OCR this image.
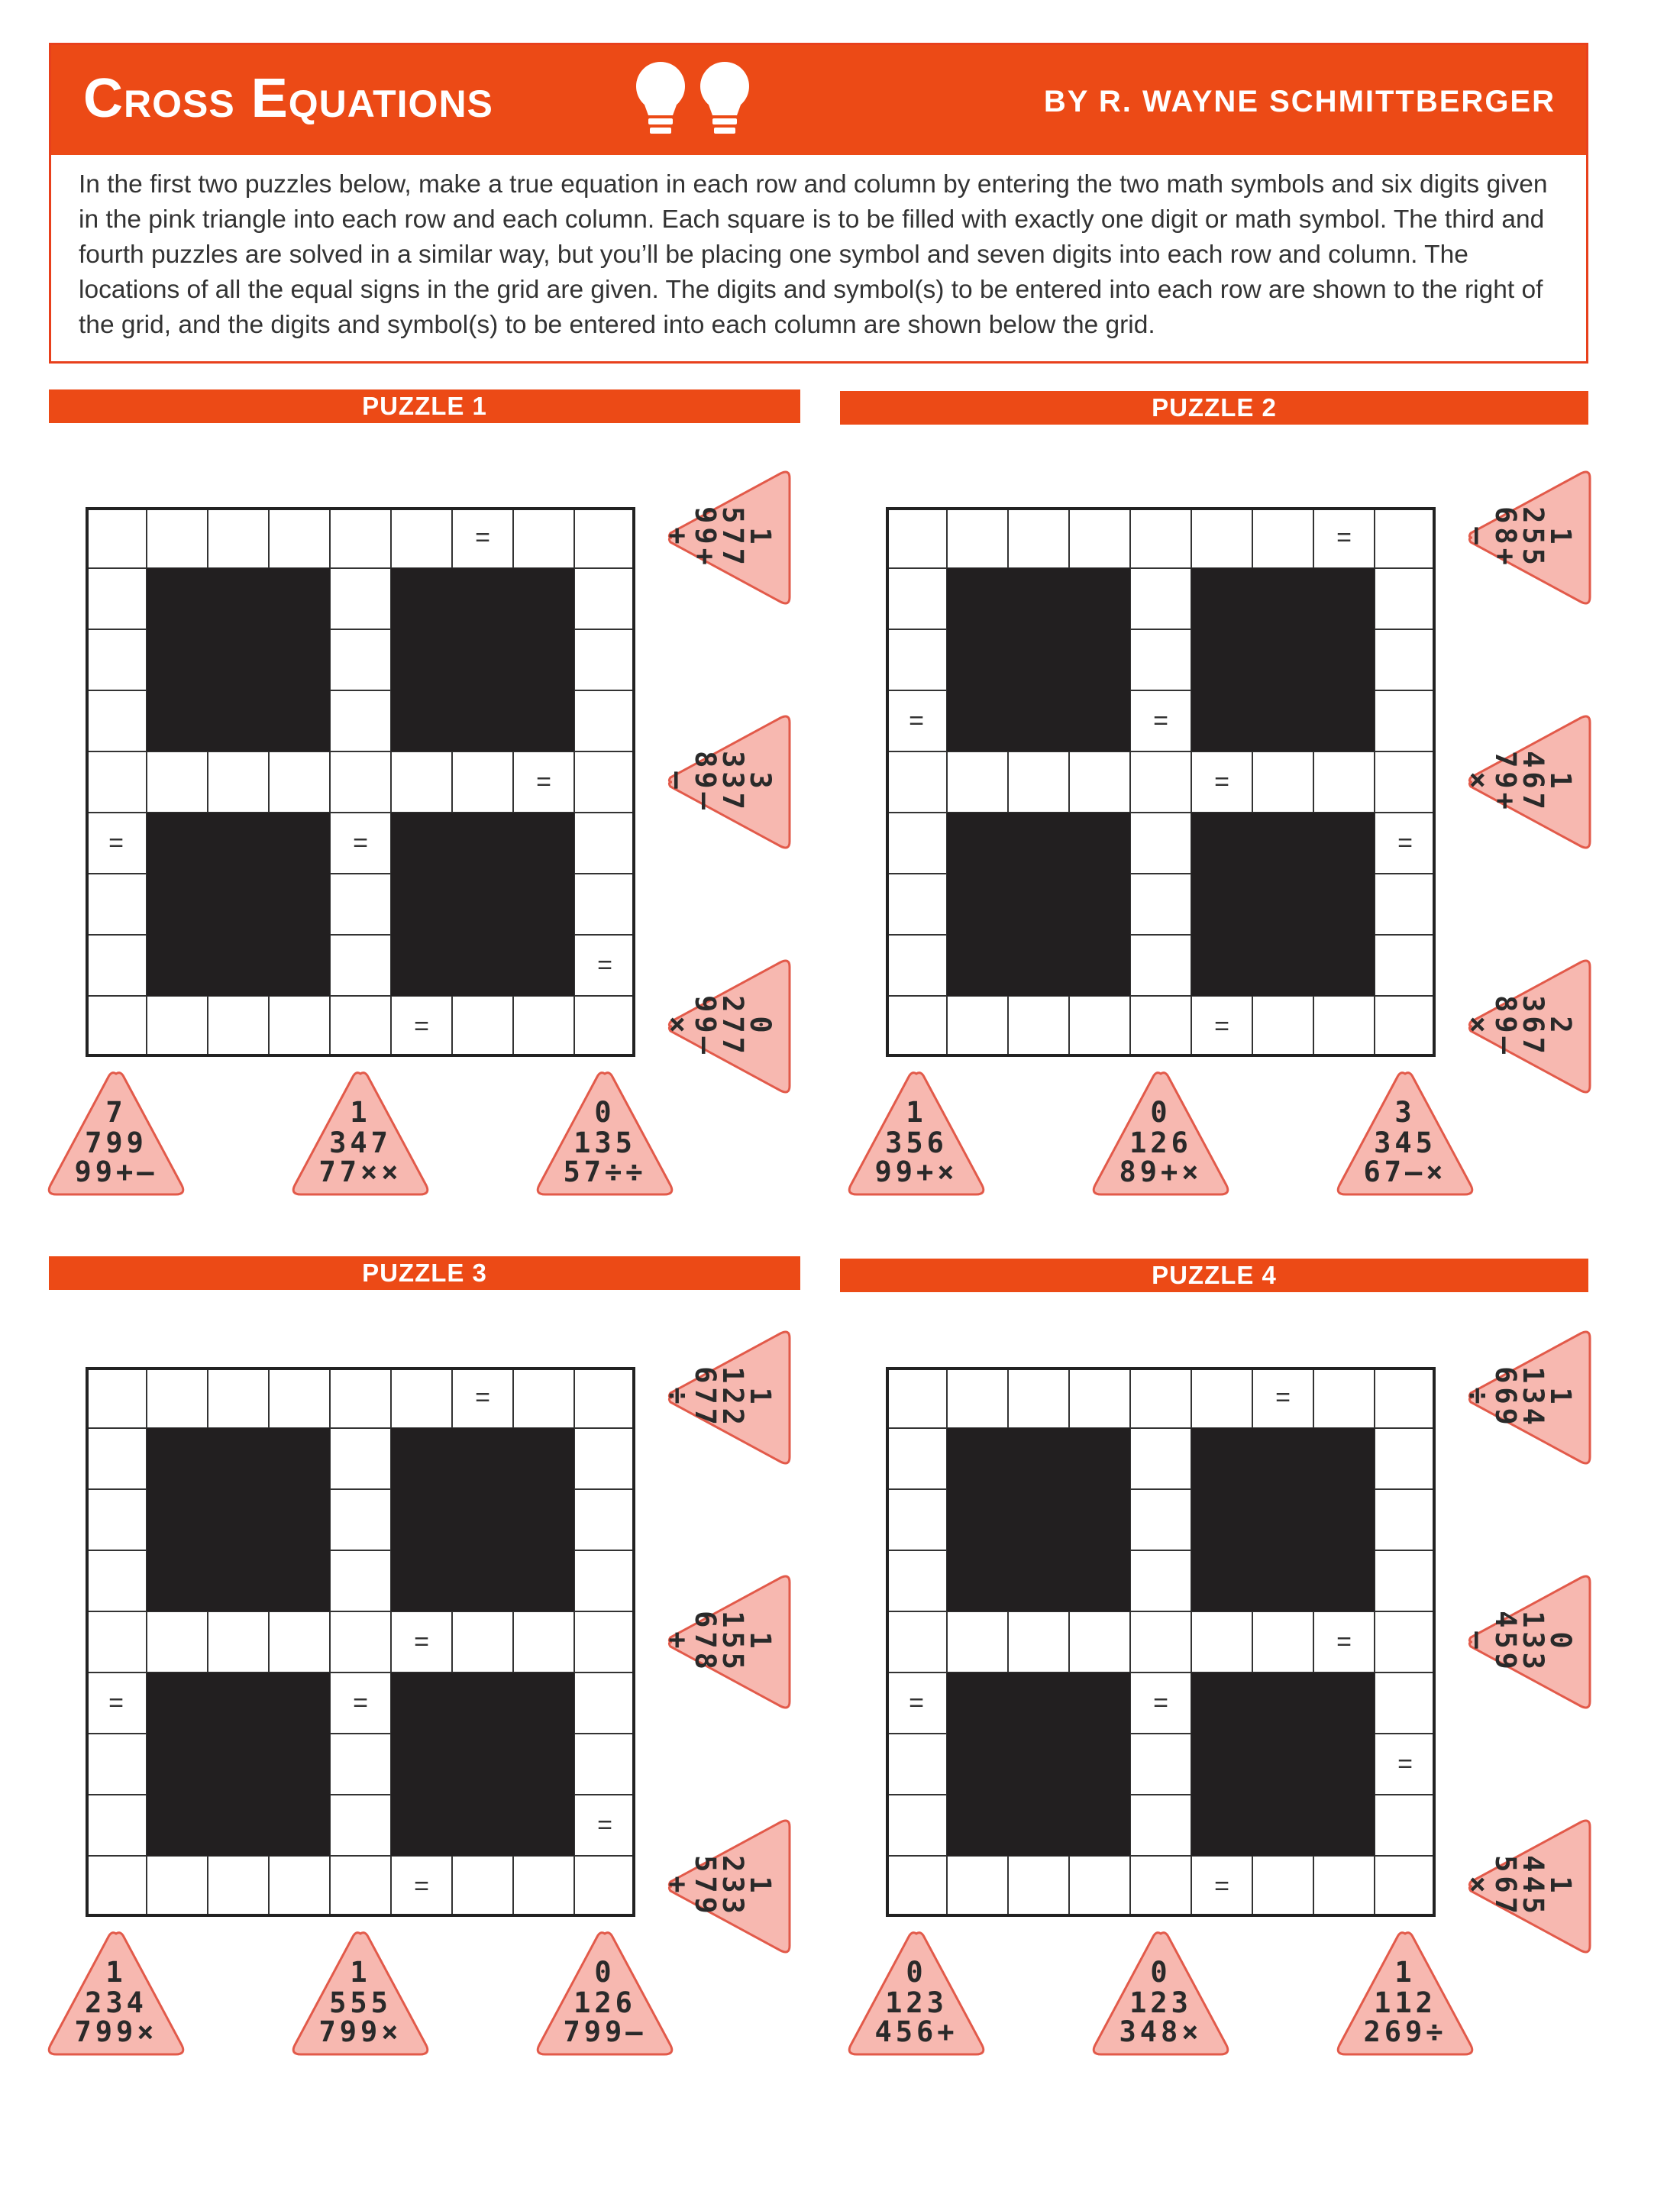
Cross Equations	BY R. WAYNE SCHMITTBERGER

In the first two puzzles below, make a true equation in each row and column by entering the two math symbols and six digits given in the pink triangle into each row and each column. Each square is to be filled with exactly one digit or math symbol. The third and fourth puzzles are solved in a similar way, but you’ll be placing one symbol and seven digits into each row and column. The locations of all the equal signs in the grid are given. The digits and symbol(s) to be entered into each row are shown to the right of the grid, and the digits and symbol(s) to be entered into each column are shown below the grid.

PUZZLE 1
=
=
=	=
=
=
1
577
99+
+
3
337
89–
–
0
277
99–
×
7
799
99+–
1
347
77××
0
135
57÷÷
PUZZLE 2
=
=	=
=
=
=
1
255
68+
–
1
467
79+
×
2
367
89–
×
1
356
99+×
0
126
89+×
3
345
67–×
PUZZLE 3
=
=
=	=
=
=
1
122
677
÷
1
155
678
+
1
233
579
+
1
234
799×
1
555
799×
0
126
799–
PUZZLE 4
=
=
=	=
=
=
1
134
669
÷
0
133
459
–
1
445
567
×
0
123
456+
0
123
348×
1
112
269÷
